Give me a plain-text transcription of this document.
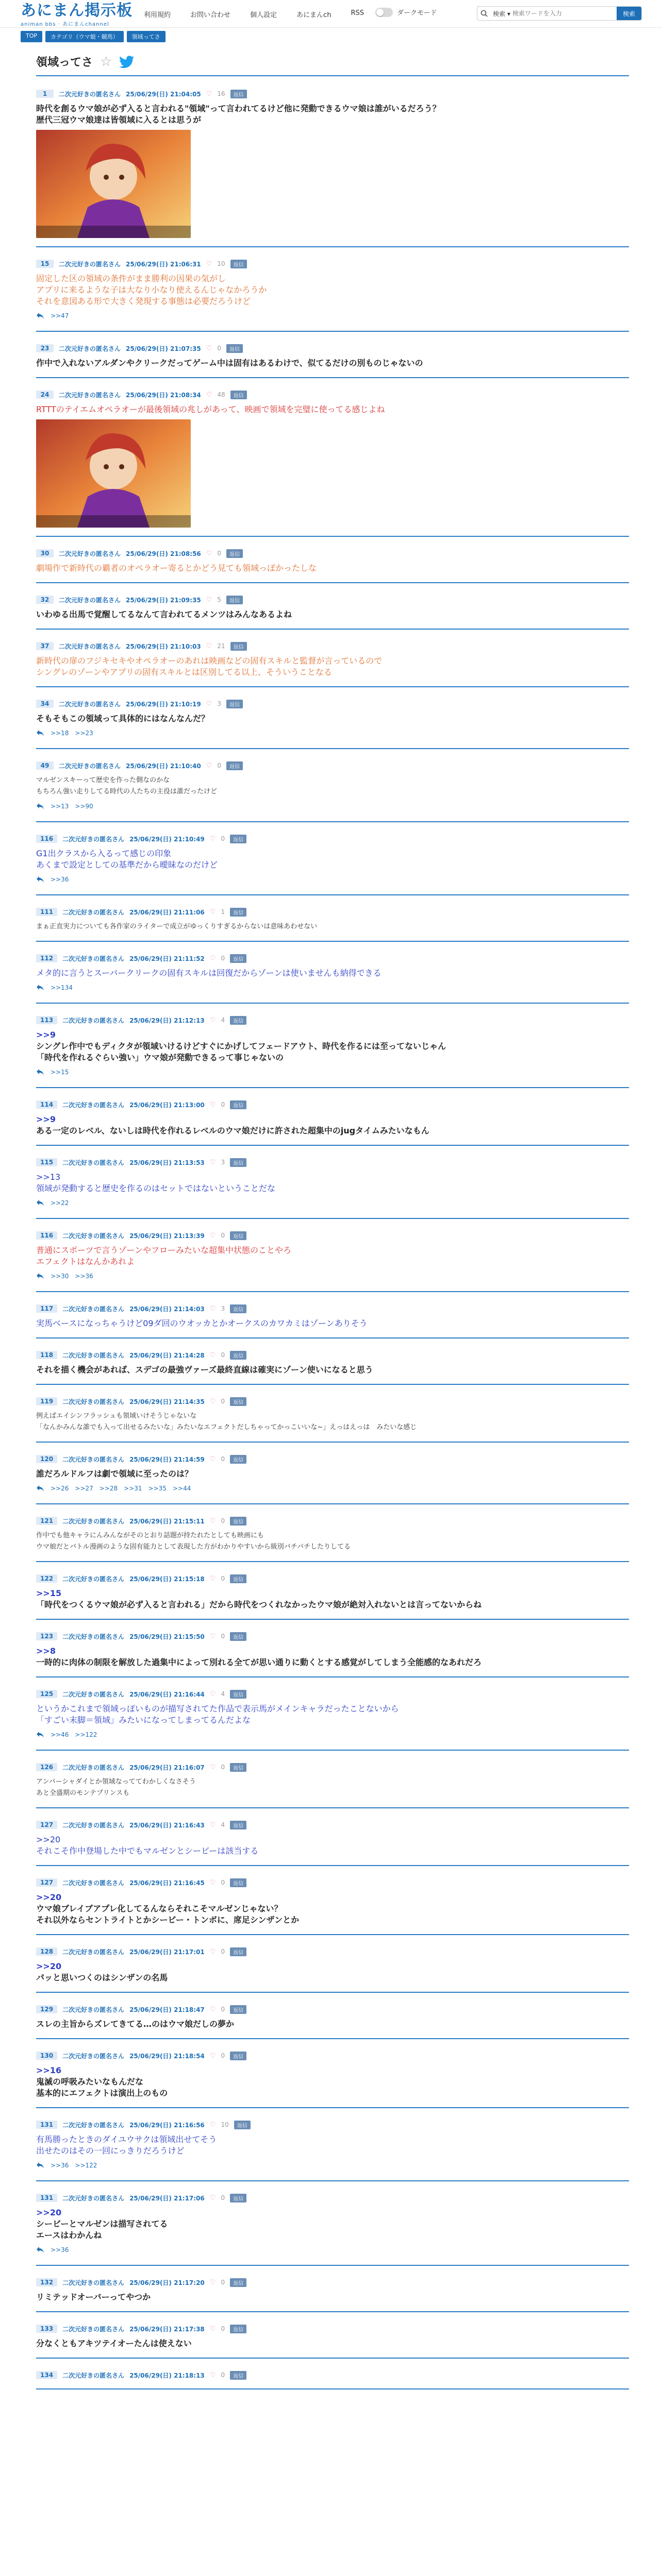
あにまん掲示板
animan bbs · あにまんchannel
利用規約	お問い合わせ	個人設定	あにまんch	RSS	ダークモード	検索 ▾
検索ワードを入力	検索
TOP	カテゴリ（ウマ娘・競馬）	領域ってさ
領域ってさ ☆
1	二次元好きの匿名さん 25/06/29(日) 21:04:05 ♡ 16	返信
時代を創るウマ娘が必ず入ると言われる"領域"って言われてるけど他に発動できるウマ娘は誰がいるだろう？
歴代三冠ウマ娘達は皆領域に入るとは思うが
15	二次元好きの匿名さん 25/06/29(日) 21:06:31 ♡ 10	返信
固定した区の領域の条件がまま勝利の因果の気がし
アプリに来るような子は大なり小なり使えるんじゃなかろうか
それを意図ある形で大きく発現する事態は必要だろうけど
>>47
23	二次元好きの匿名さん 25/06/29(日) 21:07:35 ♡ 0	返信
作中で入れないアルダンやクリークだってゲーム中は固有はあるわけで、似てるだけの別ものじゃないの
24	二次元好きの匿名さん 25/06/29(日) 21:08:34 ♡ 48	返信
RTTTのテイエムオペラオーが最後領域の兆しがあって、映画で領域を完璧に使ってる感じよね
30	二次元好きの匿名さん 25/06/29(日) 21:08:56 ♡ 0	返信
劇場作で新時代の覇者のオペラオー寄るとかどう見ても領域っぽかったしな
32	二次元好きの匿名さん 25/06/29(日) 21:09:35 ♡ 5	返信
いわゆる出馬で覚醒してるなんて言われてるメンツはみんなあるよね
37	二次元好きの匿名さん 25/06/29(日) 21:10:03 ♡ 21	返信
新時代の扉のフジキセキやオペラオーのあれは映画などの固有スキルと監督が言っているので
シングレのゾーンやアプリの固有スキルとは区別してる以上、そういうことなる
34	二次元好きの匿名さん 25/06/29(日) 21:10:19 ♡ 3	返信
そもそもこの領域って具体的にはなんなんだ？
>>18 >>23
49	二次元好きの匿名さん 25/06/29(日) 21:10:40 ♡ 0	返信
マルゼンスキーって歴史を作った側なのかな
もちろん強い走りしてる時代の人たちの主役は誰だったけど
>>13 >>90
116	二次元好きの匿名さん 25/06/29(日) 21:10:49 ♡ 0	返信
G1出クラスから入るって感じの印象
あくまで設定としての基準だから曖昧なのだけど
>>36
111	二次元好きの匿名さん 25/06/29(日) 21:11:06 ♡ 1	返信
まぁ正直実力についても各作家のライターで成立がゆっくりすぎるからないは意味あわせない
112	二次元好きの匿名さん 25/06/29(日) 21:11:52 ♡ 0	返信
メタ的に言うとスーパークリークの固有スキルは回復だからゾーンは使いませんも納得できる
>>134
113	二次元好きの匿名さん 25/06/29(日) 21:12:13 ♡ 4	返信
>>9
シングレ作中でもディクタが領域いけるけどすぐにかげしてフェードアウト、時代を作るには至ってないじゃん
「時代を作れるぐらい強い」ウマ娘が発動できるって事じゃないの
>>15
114	二次元好きの匿名さん 25/06/29(日) 21:13:00 ♡ 0	返信
>>9
ある一定のレベル、ないしは時代を作れるレベルのウマ娘だけに許された超集中のjugタイムみたいなもん
115	二次元好きの匿名さん 25/06/29(日) 21:13:53 ♡ 3	返信
>>13
領域が発動すると歴史を作るのはセットではないということだな
>>22
116	二次元好きの匿名さん 25/06/29(日) 21:13:39 ♡ 0	返信
普通にスポーツで言うゾーンやフローみたいな超集中状態のことやろ
エフェクトはなんかあれよ
>>30 >>36
117	二次元好きの匿名さん 25/06/29(日) 21:14:03 ♡ 3	返信
実馬ベースになっちゃうけど09ダ回のウオッカとかオークスのカワカミはゾーンありそう
118	二次元好きの匿名さん 25/06/29(日) 21:14:28 ♡ 0	返信
それを描く機会があれば、スデゴの最強ヴァーズ最終直線は確実にゾーン使いになると思う
119	二次元好きの匿名さん 25/06/29(日) 21:14:35 ♡ 0	返信
例えばエイシンフラッシュも領域いけそうじゃないな
「なんかみんな誰でも入って出せるみたいな」みたいなエフェクトだしちゃってかっこいいな~」えっはえっは　みたいな感じ
120	二次元好きの匿名さん 25/06/29(日) 21:14:59 ♡ 0	返信
誰だろルドルフは劇で領域に至ったのは？
>>26 >>27 >>28 >>31 >>35 >>44
121	二次元好きの匿名さん 25/06/29(日) 21:15:11 ♡ 0	返信
作中でも他キャラにんみんながそのとおり話題が持たれたとしても映画にも
ウマ娘だとバトル漫画のような固有能力として表現した方がわかりやすいから級別バチバチしたりしてる
122	二次元好きの匿名さん 25/06/29(日) 21:15:18 ♡ 0	返信
>>15
「時代をつくるウマ娘が必ず入ると言われる」だから時代をつくれなかったウマ娘が絶対入れないとは言ってないからね
123	二次元好きの匿名さん 25/06/29(日) 21:15:50 ♡ 0	返信
>>8
一時的に肉体の制限を解放した過集中によって別れる全てが思い通りに動くとする感覚がしてしまう全能感的なあれだろ
125	二次元好きの匿名さん 25/06/29(日) 21:16:44 ♡ 4	返信
というかこれまで領域っぽいものが描写されてた作品で表示馬がメインキャラだったことないから
「すごい末脚＝領域」みたいになってしまってるんだよな
>>46 >>122
126	二次元好きの匿名さん 25/06/29(日) 21:16:07 ♡ 0	返信
アンバーシャダイとか領域なっててわかしくなさそう
あと全盛期のモンテプリンスも
127	二次元好きの匿名さん 25/06/29(日) 21:16:43 ♡ 4	返信
>>20
それこそ作中登場した中でもマルゼンとシービーは該当する
127	二次元好きの匿名さん 25/06/29(日) 21:16:45 ♡ 0	返信
>>20
ウマ娘ブレイブアプレ化してるんならそれこそマルゼンじゃない？
それ以外ならセントライトとかシービー・トンボに、席足シンザンとか
128	二次元好きの匿名さん 25/06/29(日) 21:17:01 ♡ 0	返信
>>20
パッと思いつくのはシンザンの名馬
129	二次元好きの匿名さん 25/06/29(日) 21:18:47 ♡ 0	返信
スレの主旨からズレてきてる…のはウマ娘だしの夢か
130	二次元好きの匿名さん 25/06/29(日) 21:18:54 ♡ 0	返信
>>16
鬼滅の呼吸みたいなもんだな
基本的にエフェクトは演出上のもの
131	二次元好きの匿名さん 25/06/29(日) 21:16:56 ♡ 10	返信
有馬勝ったときのダイユウサクは領域出せてそう
出せたのはその一回にっきりだろうけど
>>36 >>122
131	二次元好きの匿名さん 25/06/29(日) 21:17:06 ♡ 0	返信
>>20
シービーとマルゼンは描写されてる
エースはわかんね
>>36
132	二次元好きの匿名さん 25/06/29(日) 21:17:20 ♡ 0	返信
リミテッドオーバーってやつか
133	二次元好きの匿名さん 25/06/29(日) 21:17:38 ♡ 0	返信
分なくともアキツテイオーたんは使えない
134	二次元好きの匿名さん 25/06/29(日) 21:18:13 ♡ 0	返信
